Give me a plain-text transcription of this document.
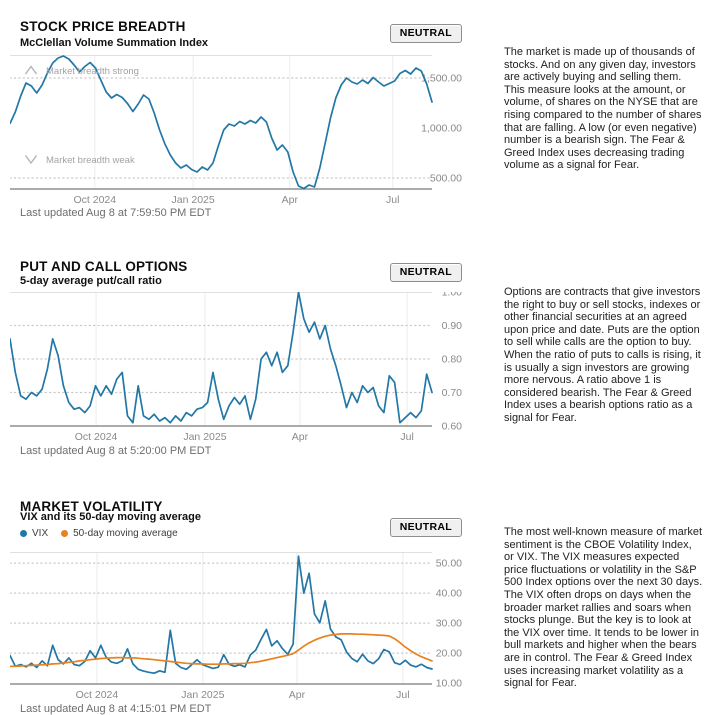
STOCK PRICE BREADTH	NEUTRAL
McClellan Volume Summation Index
Oct 2024	Jan 2025	Apr	Jul
1,500.00
1,000.00
500.00
Market breadth strong
Market breadth weak
Last updated Aug 8 at 7:59:50 PM EDT

The market is made up of thousands of stocks. And on any given day, investors are actively buying and selling them. This measure looks at the amount, or volume, of shares on the NYSE that are rising compared to the number of shares that are falling. A low (or even negative) number is a bearish sign. The Fear & Greed Index uses decreasing trading volume as a signal for Fear.

PUT AND CALL OPTIONS	NEUTRAL
5-day average put/call ratio
Oct 2024	Jan 2025	Apr	Jul
1.00
0.90
0.80
0.70
0.60
Last updated Aug 8 at 5:20:00 PM EDT

Options are contracts that give investors the right to buy or sell stocks, indexes or other financial securities at an agreed upon price and date. Puts are the option to sell while calls are the option to buy. When the ratio of puts to calls is rising, it is usually a sign investors are growing more nervous. A ratio above 1 is considered bearish. The Fear & Greed Index uses a bearish options ratio as a signal for Fear.

MARKET VOLATILITY
NEUTRAL
VIX and its 50-day moving average
VIX	50-day moving average
Oct 2024	Jan 2025	Apr	Jul
50.00
40.00
30.00
20.00
10.00
Last updated Aug 8 at 4:15:01 PM EDT

The most well-known measure of market sentiment is the CBOE Volatility Index, or VIX. The VIX measures expected price fluctuations or volatility in the S&P 500 Index options over the next 30 days. The VIX often drops on days when the broader market rallies and soars when stocks plunge. But the key is to look at the VIX over time. It tends to be lower in bull markets and higher when the bears are in control. The Fear & Greed Index uses increasing market volatility as a signal for Fear.
